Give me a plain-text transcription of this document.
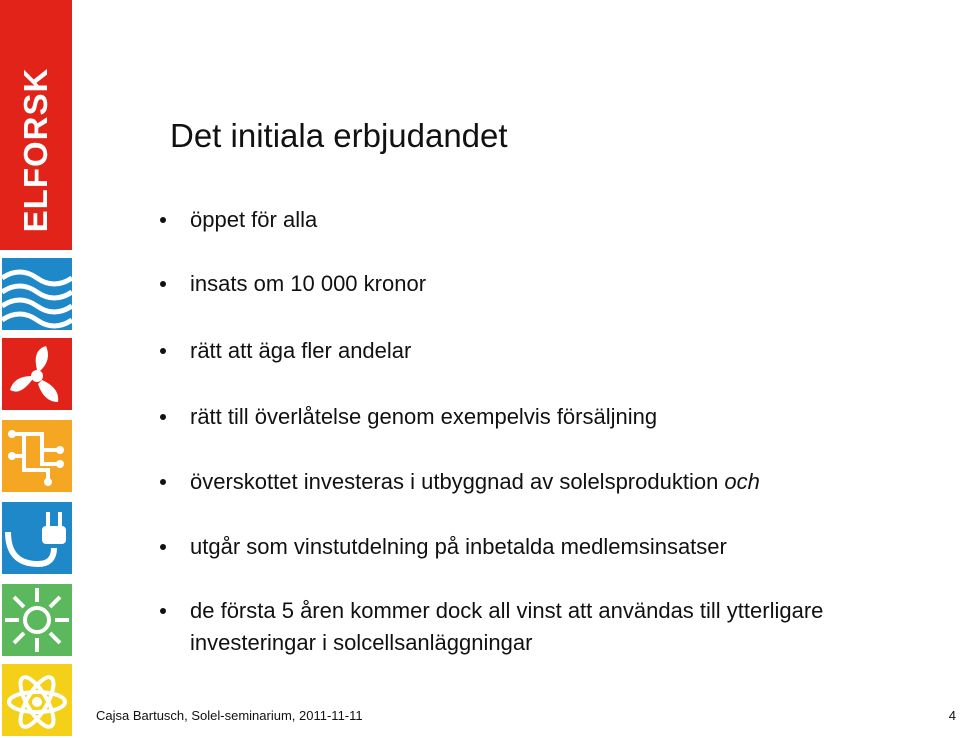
ELFORSK	Det initiala erbjudandet
öppet för alla
insats om 10 000 kronor
rätt att äga fler andelar
rätt till överlåtelse genom exempelvis försäljning
överskottet investeras i utbyggnad av solelsproduktion och
utgår som vinstutdelning på inbetalda medlemsinsatser
de första 5 åren kommer dock all vinst att användas till ytterligare investeringar i solcellsanläggningar
Cajsa Bartusch, Solel-seminarium, 2011-11-11	4
